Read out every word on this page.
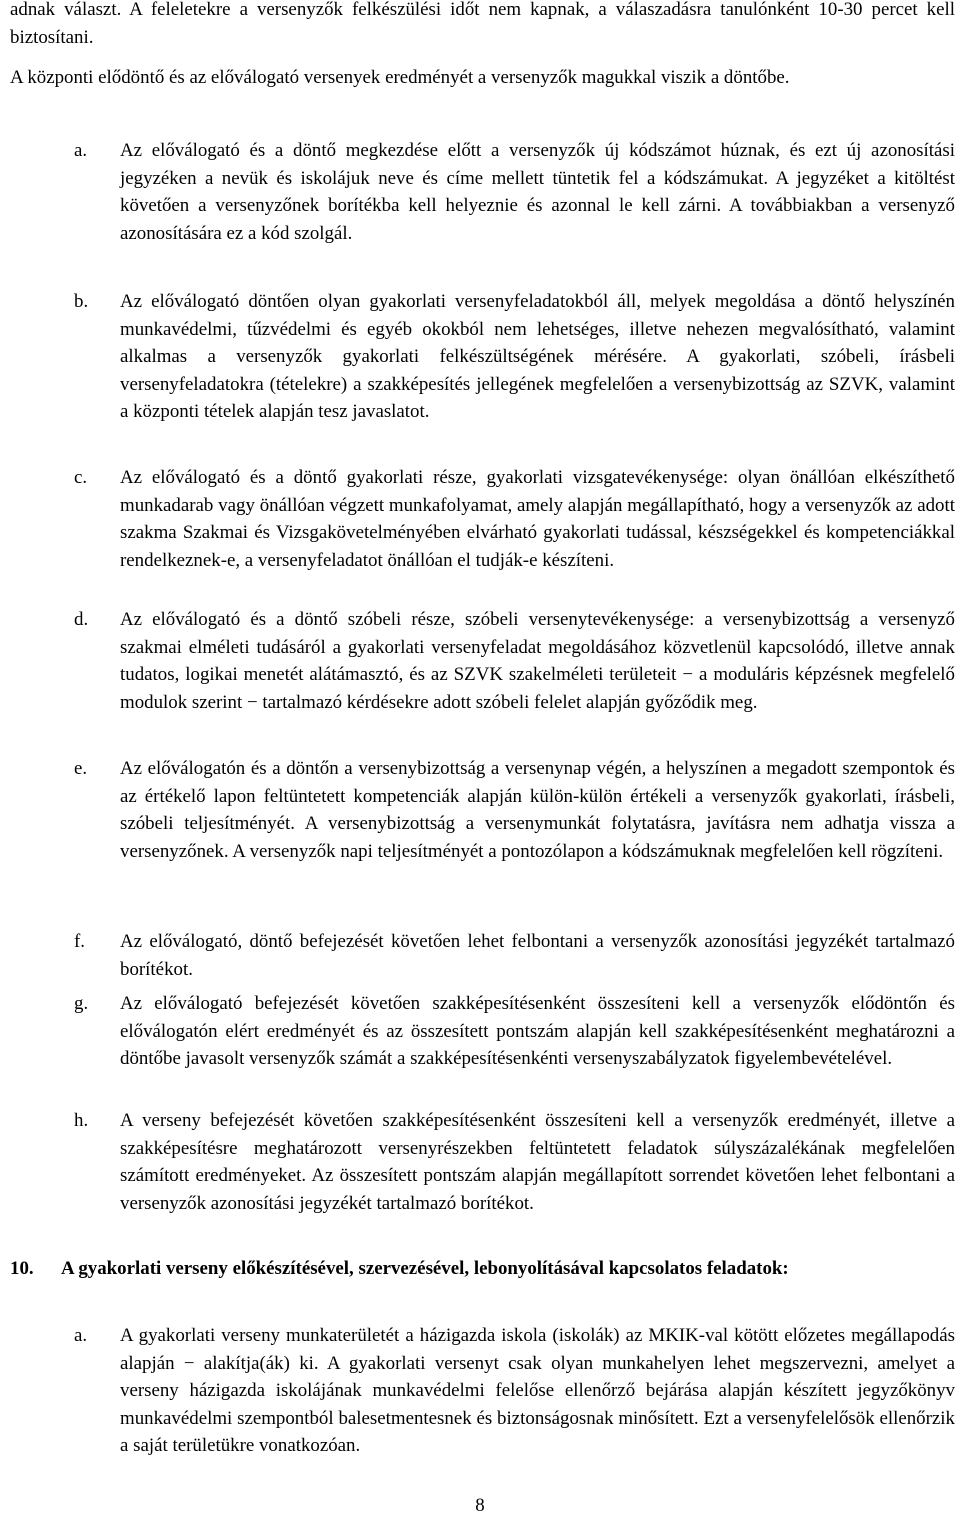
adnak választ. A feleletekre a versenyzők felkészülési időt nem kapnak, a válaszadásra tanulónként 10-30 percet kell biztosítani.

A központi elődöntő és az előválogató versenyek eredményét a versenyzők magukkal viszik a döntőbe.

a. Az előválogató és a döntő megkezdése előtt a versenyzők új kódszámot húznak, és ezt új azonosítási jegyzéken a nevük és iskolájuk neve és címe mellett tüntetik fel a kódszámukat. A jegyzéket a kitöltést követően a versenyzőnek borítékba kell helyeznie és azonnal le kell zárni. A továbbiakban a versenyző azonosítására ez a kód szolgál.

b. Az előválogató döntően olyan gyakorlati versenyfeladatokból áll, melyek megoldása a döntő helyszínén munkavédelmi, tűzvédelmi és egyéb okokból nem lehetséges, illetve nehezen megvalósítható, valamint alkalmas a versenyzők gyakorlati felkészültségének mérésére. A gyakorlati, szóbeli, írásbeli versenyfeladatokra (tételekre) a szakképesítés jellegének megfelelően a versenybizottság az SZVK, valamint a központi tételek alapján tesz javaslatot.

c. Az előválogató és a döntő gyakorlati része, gyakorlati vizsgatevékenysége: olyan önállóan elkészíthető munkadarab vagy önállóan végzett munkafolyamat, amely alapján megállapítható, hogy a versenyzők az adott szakma Szakmai és Vizsgakövetelményében elvárható gyakorlati tudással, készségekkel és kompetenciákkal rendelkeznek-e, a versenyfeladatot önállóan el tudják-e készíteni.

d. Az előválogató és a döntő szóbeli része, szóbeli versenytevékenysége: a versenybizottság a versenyző szakmai elméleti tudásáról a gyakorlati versenyfeladat megoldásához közvetlenül kapcsolódó, illetve annak tudatos, logikai menetét alátámasztó, és az SZVK szakelméleti területeit − a moduláris képzésnek megfelelő modulok szerint − tartalmazó kérdésekre adott szóbeli felelet alapján győződik meg.

e. Az előválogatón és a döntőn a versenybizottság a versenynap végén, a helyszínen a megadott szempontok és az értékelő lapon feltüntetett kompetenciák alapján külön-külön értékeli a versenyzők gyakorlati, írásbeli, szóbeli teljesítményét. A versenybizottság a versenymunkát folytatásra, javításra nem adhatja vissza a versenyzőnek. A versenyzők napi teljesítményét a pontozólapon a kódszámuknak megfelelően kell rögzíteni.

f. Az előválogató, döntő befejezését követően lehet felbontani a versenyzők azonosítási jegyzékét tartalmazó borítékot.

g. Az előválogató befejezését követően szakképesítésenként összesíteni kell a versenyzők elődöntőn és előválogatón elért eredményét és az összesített pontszám alapján kell szakképesítésenként meghatározni a döntőbe javasolt versenyzők számát a szakképesítésenkénti versenyszabályzatok figyelembevételével.

h. A verseny befejezését követően szakképesítésenként összesíteni kell a versenyzők eredményét, illetve a szakképesítésre meghatározott versenyrészekben feltüntetett feladatok súlyszázalékának megfelelően számított eredményeket. Az összesített pontszám alapján megállapított sorrendet követően lehet felbontani a versenyzők azonosítási jegyzékét tartalmazó borítékot.

10. A gyakorlati verseny előkészítésével, szervezésével, lebonyolításával kapcsolatos feladatok:

a. A gyakorlati verseny munkaterületét a házigazda iskola (iskolák) az MKIK-val kötött előzetes megállapodás alapján − alakítja(ák) ki. A gyakorlati versenyt csak olyan munkahelyen lehet megszervezni, amelyet a verseny házigazda iskolájának munkavédelmi felelőse ellenőrző bejárása alapján készített jegyzőkönyv munkavédelmi szempontból balesetmentesnek és biztonságosnak minősített. Ezt a versenyfelelősök ellenőrzik a saját területükre vonatkozóan.

8
